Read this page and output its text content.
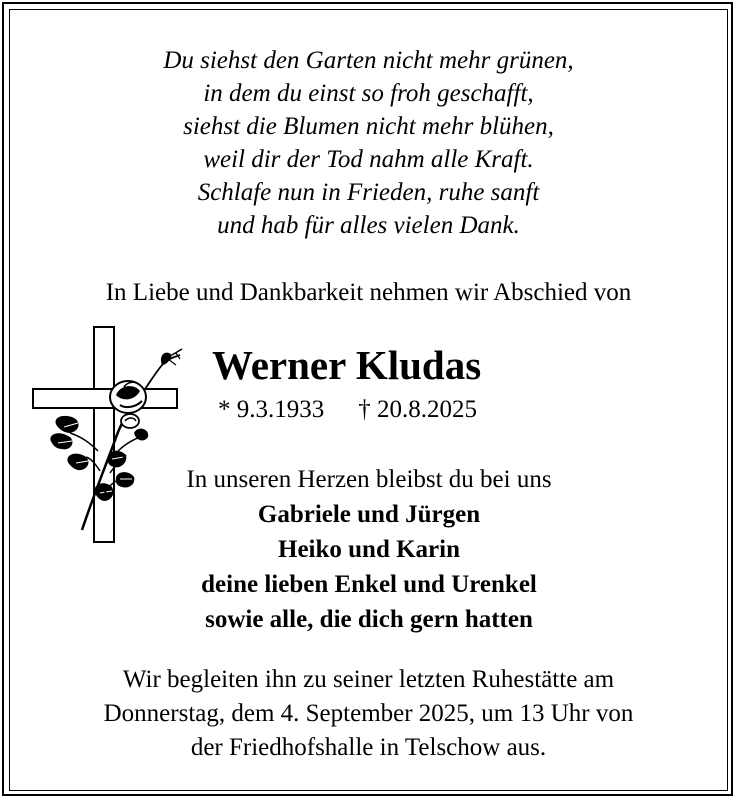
Du siehst den Garten nicht mehr grünen,
in dem du einst so froh geschafft,
siehst die Blumen nicht mehr blühen,
weil dir der Tod nahm alle Kraft.
Schlafe nun in Frieden, ruhe sanft
und hab für alles vielen Dank.
In Liebe und Dankbarkeit nehmen wir Abschied von
Werner Kludas
* 9.3.1933 † 20.8.2025
In unseren Herzen bleibst du bei uns
Gabriele und Jürgen
Heiko und Karin
deine lieben Enkel und Urenkel
sowie alle, die dich gern hatten
Wir begleiten ihn zu seiner letzten Ruhestätte am
Donnerstag, dem 4. September 2025, um 13 Uhr von
der Friedhofshalle in Telschow aus.
